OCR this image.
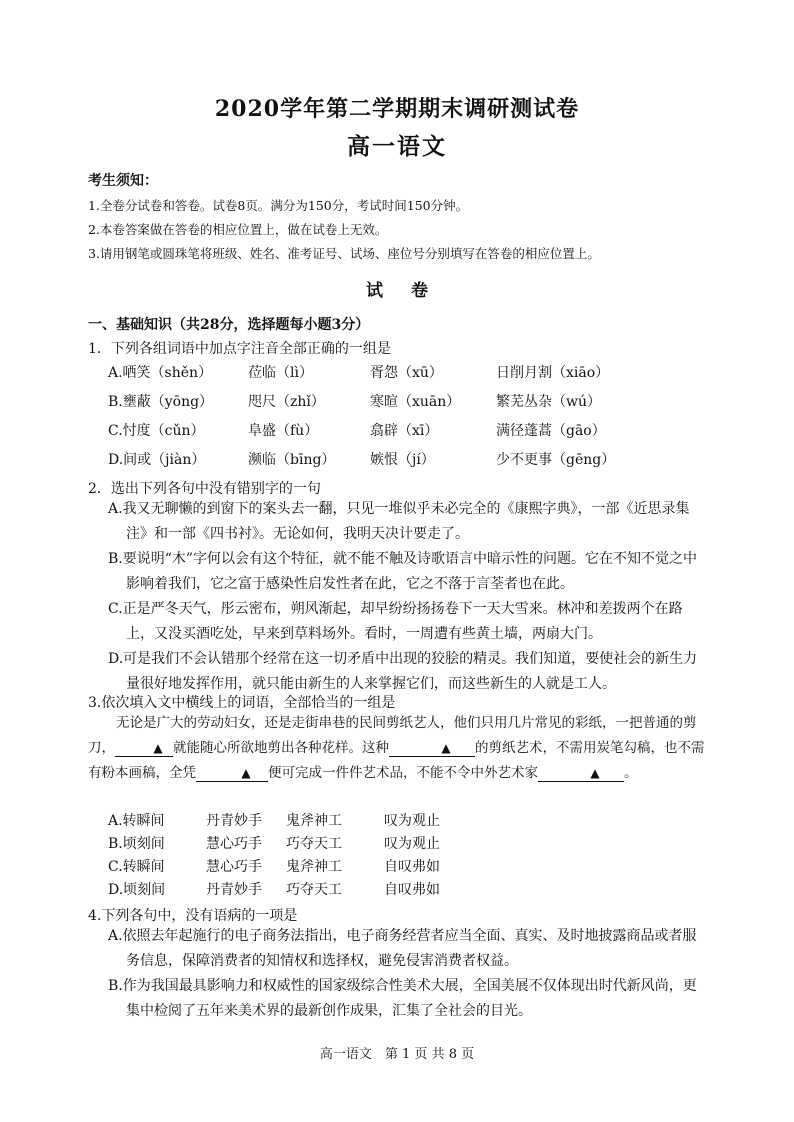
2020学年第二学期期末调研测试卷
高一语文
考生须知：
1.全卷分试卷和答卷。试卷8页。满分为150分，考试时间150分钟。
2.本卷答案做在答卷的相应位置上，做在试卷上无效。
3.请用钢笔或圆珠笔将班级、姓名、准考证号、试场、座位号分别填写在答卷的相应位置上。
试卷
一、基础知识（共28分，选择题每小题3分）
1．下列各组词语中加点字注音全部正确的一组是
A.哂笑（shěn）	莅临（lì）	胥怨（xū）	日削月割（xiāo）
B.壅蔽（yōng） 咫尺（zhǐ）	寒暄（xuān）	繁芜丛杂（wú）
C.忖度（cǔn）	阜盛（fù）	翕辟（xī）	满径蓬蒿（gāo）
D.间或（jiàn）	濒临（bīng） 嫉恨（jí）	少不更事（gēng）
2．选出下列各句中没有错别字的一句
A.我又无聊懒的到窗下的案头去一翻，只见一堆似乎未必完全的《康熙字典》，一部《近思录集注》和一部《四书衬》。无论如何，我明天决计要走了。
B.要说明“木”字何以会有这个特征，就不能不触及诗歌语言中暗示性的问题。它在不知不觉之中影响着我们，它之富于感染性启发性者在此，它之不落于言荃者也在此。
C.正是严冬天气，彤云密布，朔风渐起，却早纷纷扬扬卷下一天大雪来。林冲和差拨两个在路上，又没买酒吃处，早来到草料场外。看时，一周遭有些黄土墙，两扇大门。
D.可是我们不会认错那个经常在这一切矛盾中出现的狡脍的精灵。我们知道，要使社会的新生力量很好地发挥作用，就只能由新生的人来掌握它们，而这些新生的人就是工人。
3.依次填入文中横线上的词语，全部恰当的一组是
无论是广大的劳动妇女，还是走街串巷的民间剪纸艺人，他们只用几片常见的彩纸，一把普通的剪刀，	▲ 就能随心所欲地剪出各种花样。这种	▲ 的剪纸艺术，不需用炭笔勾稿，也不需有粉本画稿，全凭	▲ 便可完成一件件艺术品，不能不令中外艺术家	▲ 。
A.转瞬间	丹青妙手 鬼斧神工	叹为观止
B.顷刻间	慧心巧手 巧夺天工	叹为观止
C.转瞬间	慧心巧手 鬼斧神工	自叹弗如
D.顷刻间	丹青妙手 巧夺天工	自叹弗如
4.下列各句中，没有语病的一项是
A.依照去年起施行的电子商务法指出，电子商务经营者应当全面、真实、及时地披露商品或者服务信息，保障消费者的知情权和选择权，避免侵害消费者权益。
B.作为我国最具影响力和权威性的国家级综合性美术大展，全国美展不仅体现出时代新风尚，更集中检阅了五年来美术界的最新创作成果，汇集了全社会的目光。
高一语文　第 1 页 共 8 页
